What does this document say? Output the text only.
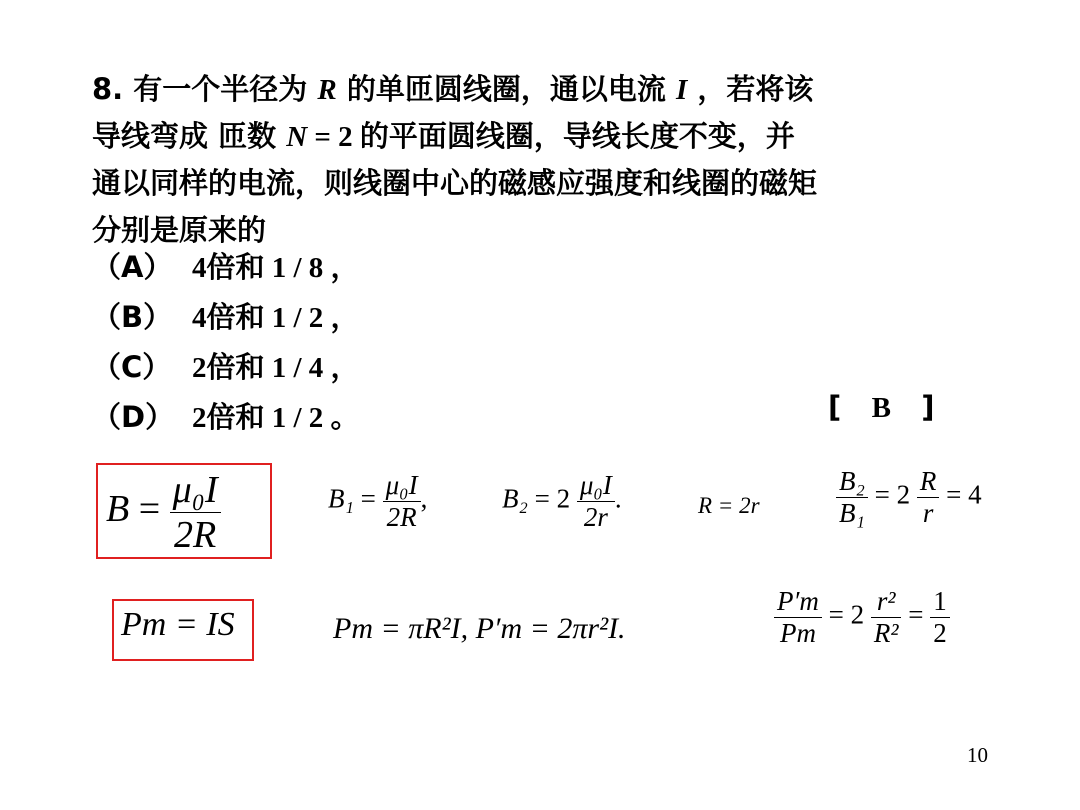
8. 有一个半径为 R 的单匝圆线圈，通以电流 I ，若将该
导线弯成 匝数 N = 2 的平面圆线圈，导线长度不变，并
通以同样的电流，则线圈中心的磁感应强度和线圈的磁矩
分别是原来的
（A） 4倍和 1 / 8 ，
（B） 4倍和 1 / 2 ，
（C） 2倍和 1 / 4 ，
（D） 2倍和 1 / 2 。	[ B ]
$B = \frac{\text{μ₀I}}{2R}$	$B_1 = \frac{\text{μ₀I}}{2R}$ ,	$B_2 = 2 \frac{\text{μ₀I}}{2r}$ .	R = 2r	$\frac{\text{B₂}}{\text{B₁}} = 2 \frac{R}{r} = 4$
Pm = IS	Pm = πR²I, P′m = 2πr²I.	$\frac{P'm}{Pm} = 2 \frac{\text{r²}}{\text{R²}} = \frac{1}{2}$
10
